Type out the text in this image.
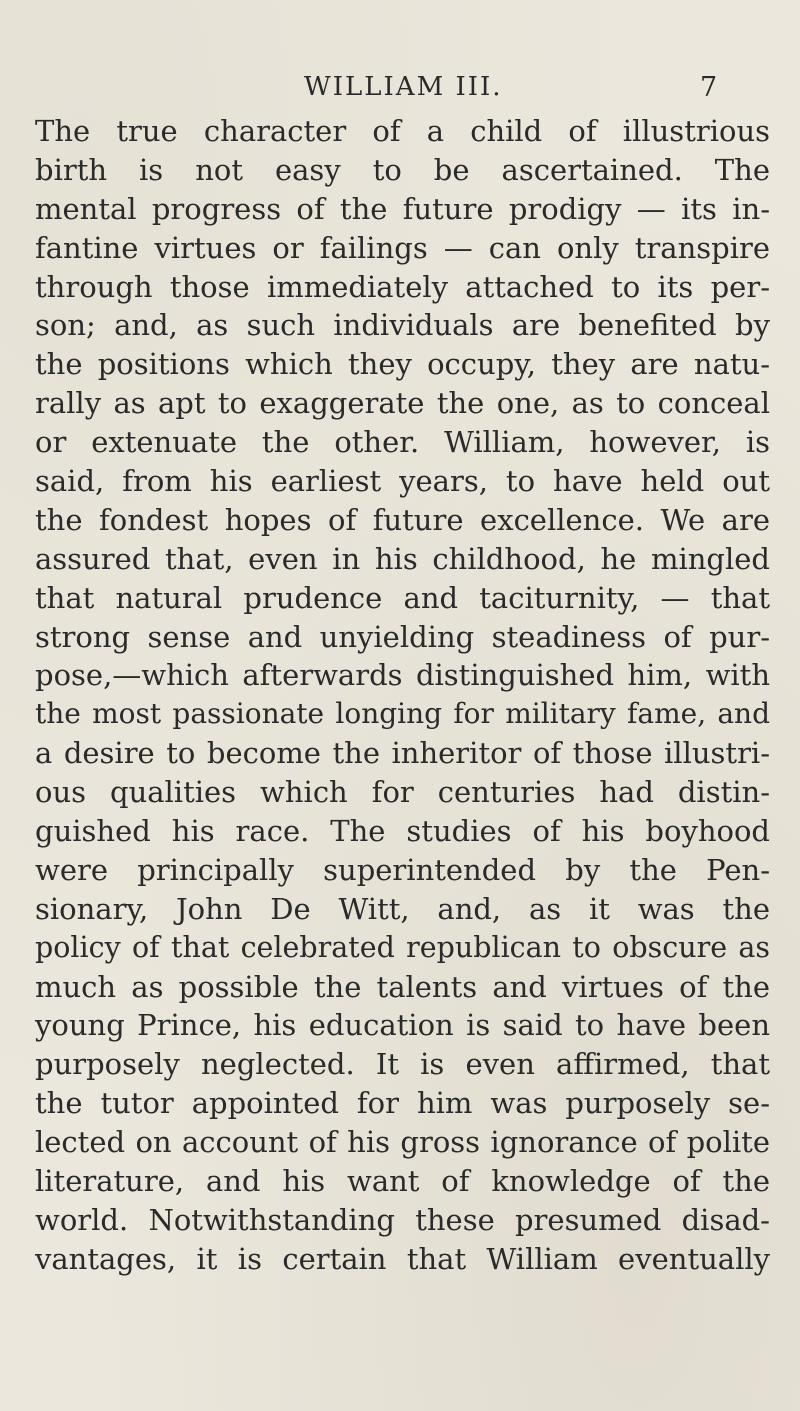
WILLIAM III.	7
The true character of a child of illustrious
birth is not easy to be ascertained. The
mental progress of the future prodigy — its in-
fantine virtues or failings — can only transpire
through those immediately attached to its per-
son; and, as such individuals are benefited by
the positions which they occupy, they are natu-
rally as apt to exaggerate the one, as to conceal
or extenuate the other. William, however, is
said, from his earliest years, to have held out
the fondest hopes of future excellence. We are
assured that, even in his childhood, he mingled
that natural prudence and taciturnity, — that
strong sense and unyielding steadiness of pur-
pose,—which afterwards distinguished him, with
the most passionate longing for military fame, and
a desire to become the inheritor of those illustri-
ous qualities which for centuries had distin-
guished his race. The studies of his boyhood
were principally superintended by the Pen-
sionary, John De Witt, and, as it was the
policy of that celebrated republican to obscure as
much as possible the talents and virtues of the
young Prince, his education is said to have been
purposely neglected. It is even affirmed, that
the tutor appointed for him was purposely se-
lected on account of his gross ignorance of polite
literature, and his want of knowledge of the
world. Notwithstanding these presumed disad-
vantages, it is certain that William eventually
